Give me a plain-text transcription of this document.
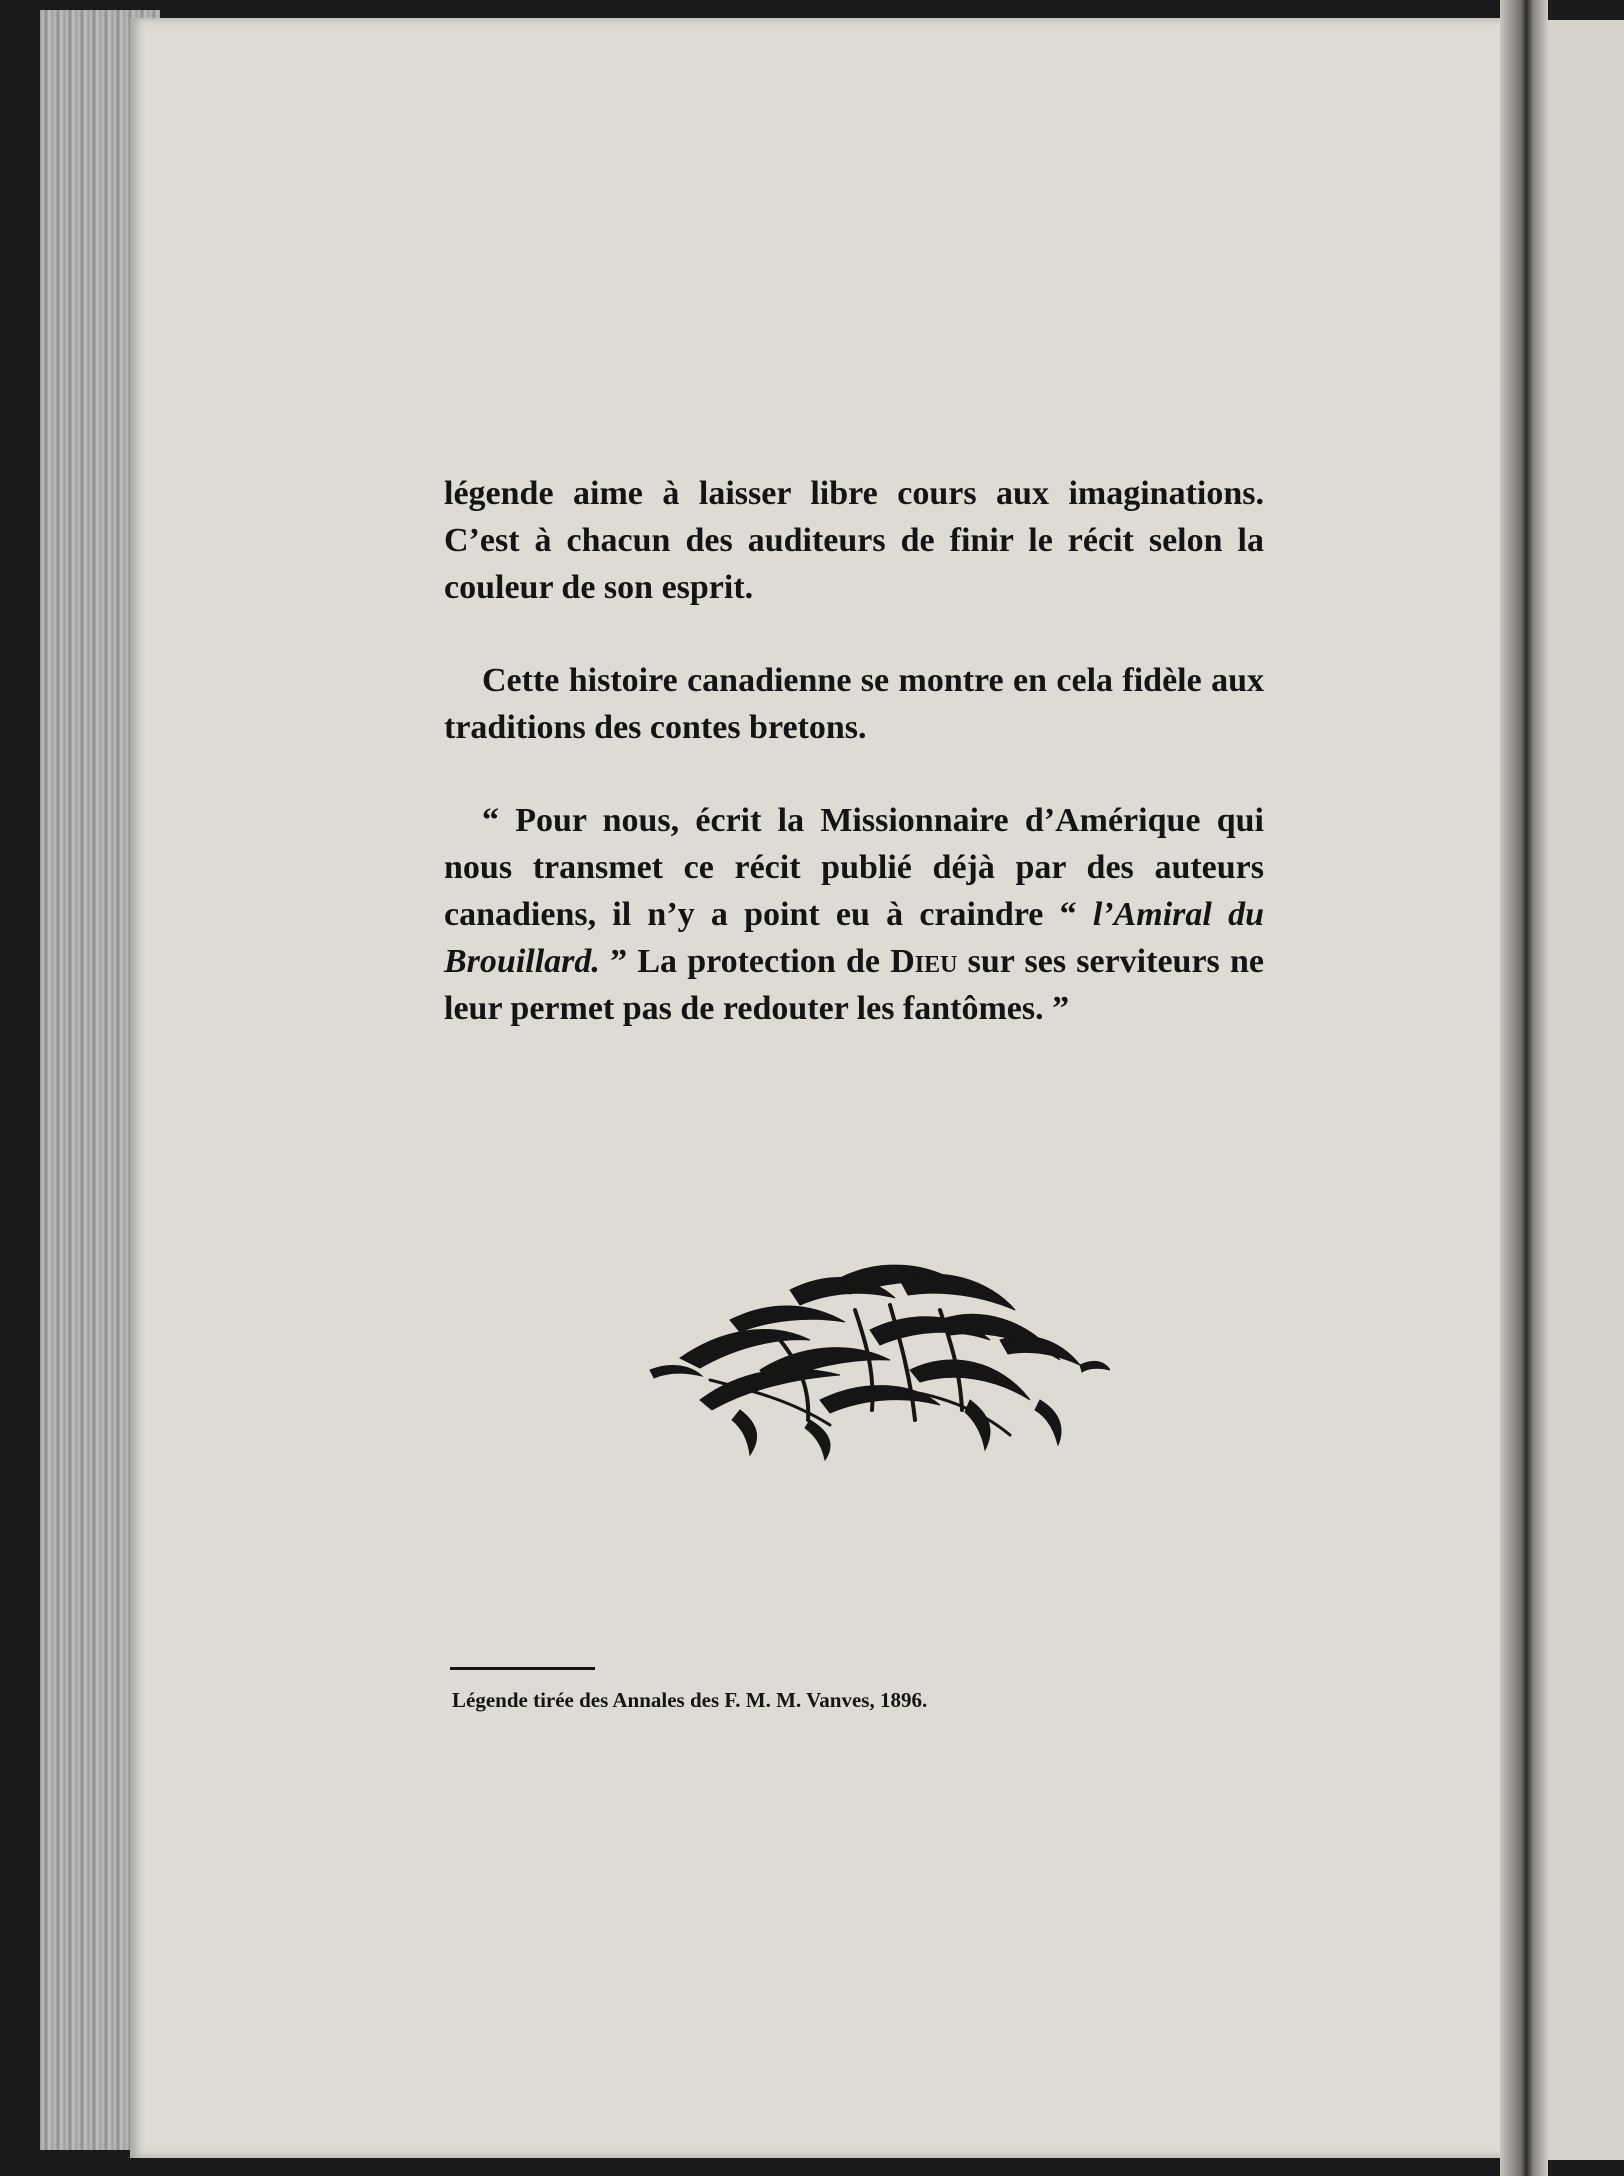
légende aime à laisser libre cours aux imaginations. C’est à chacun des auditeurs de finir le récit selon la couleur de son esprit.

Cette histoire canadienne se montre en cela fidèle aux traditions des contes bretons.

“ Pour nous, écrit la Missionnaire d’Amérique qui nous transmet ce récit publié déjà par des auteurs canadiens, il n’y a point eu à craindre “ l’Amiral du Brouillard. ” La protection de Dieu sur ses serviteurs ne leur permet pas de redouter les fantômes. ”

Légende tirée des Annales des F. M. M. Vanves, 1896.
